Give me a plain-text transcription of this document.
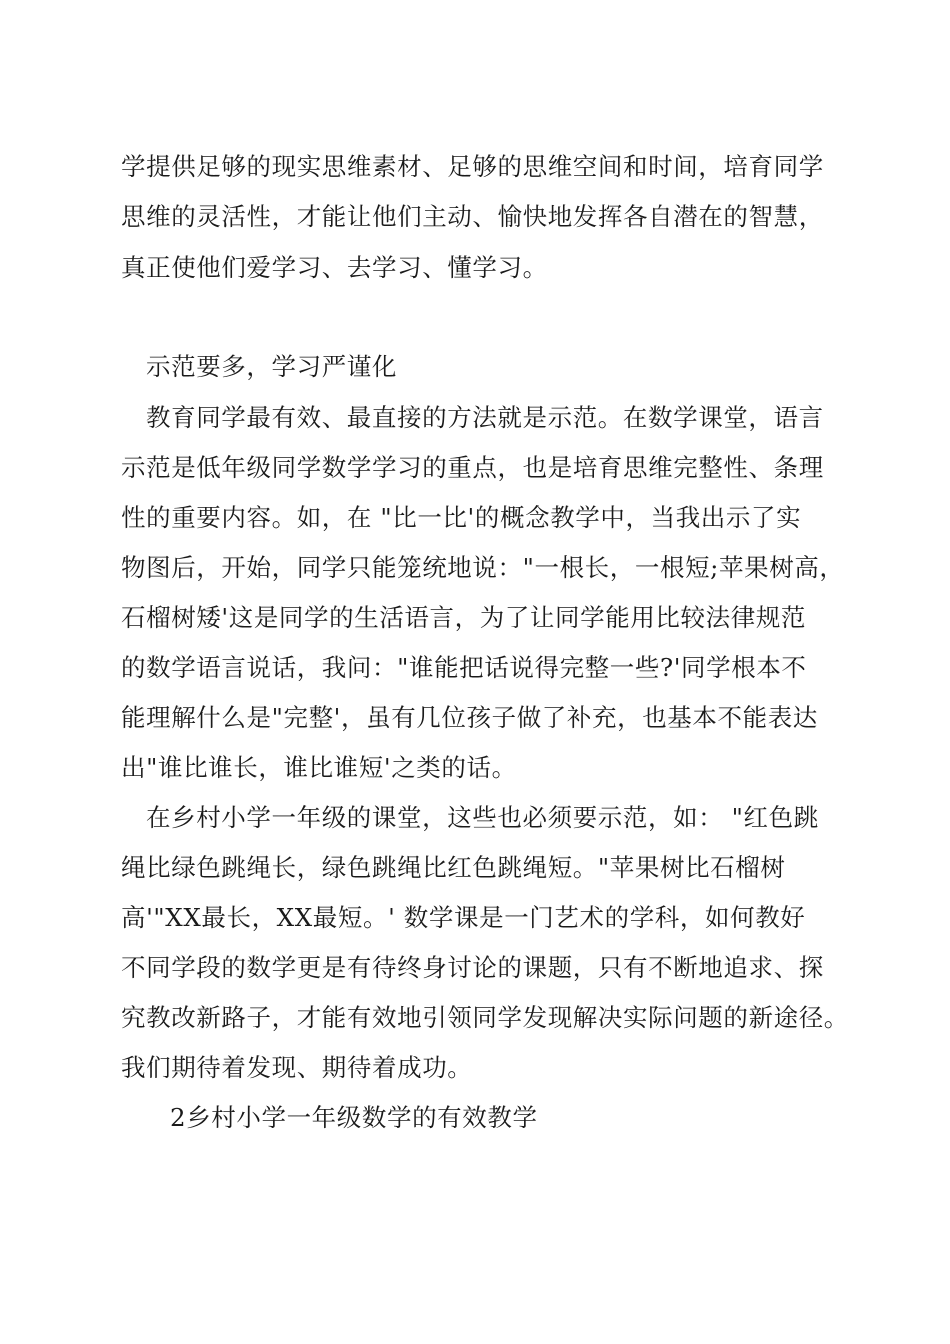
学提供足够的现实思维素材、足够的思维空间和时间，培育同学
思维的灵活性，才能让他们主动、愉快地发挥各自潜在的智慧，
真正使他们爱学习、去学习、懂学习。
示范要多，学习严谨化
教育同学最有效、最直接的方法就是示范。在数学课堂，语言
示范是低年级同学数学学习的重点，也是培育思维完整性、条理
性的重要内容。如，在 "比一比'的概念教学中，当我出示了实
物图后，开始，同学只能笼统地说："一根长，一根短;苹果树高，
石榴树矮'这是同学的生活语言，为了让同学能用比较法律规范
的数学语言说话，我问："谁能把话说得完整一些?'同学根本不
能理解什么是"完整'，虽有几位孩子做了补充，也基本不能表达
出"谁比谁长，谁比谁短'之类的话。
在乡村小学一年级的课堂，这些也必须要示范，如： "红色跳
绳比绿色跳绳长，绿色跳绳比红色跳绳短。"苹果树比石榴树
高'"XX最长，XX最短。' 数学课是一门艺术的学科，如何教好
不同学段的数学更是有待终身讨论的课题，只有不断地追求、探
究教改新路子，才能有效地引领同学发现解决实际问题的新途径。
我们期待着发现、期待着成功。
2乡村小学一年级数学的有效教学
